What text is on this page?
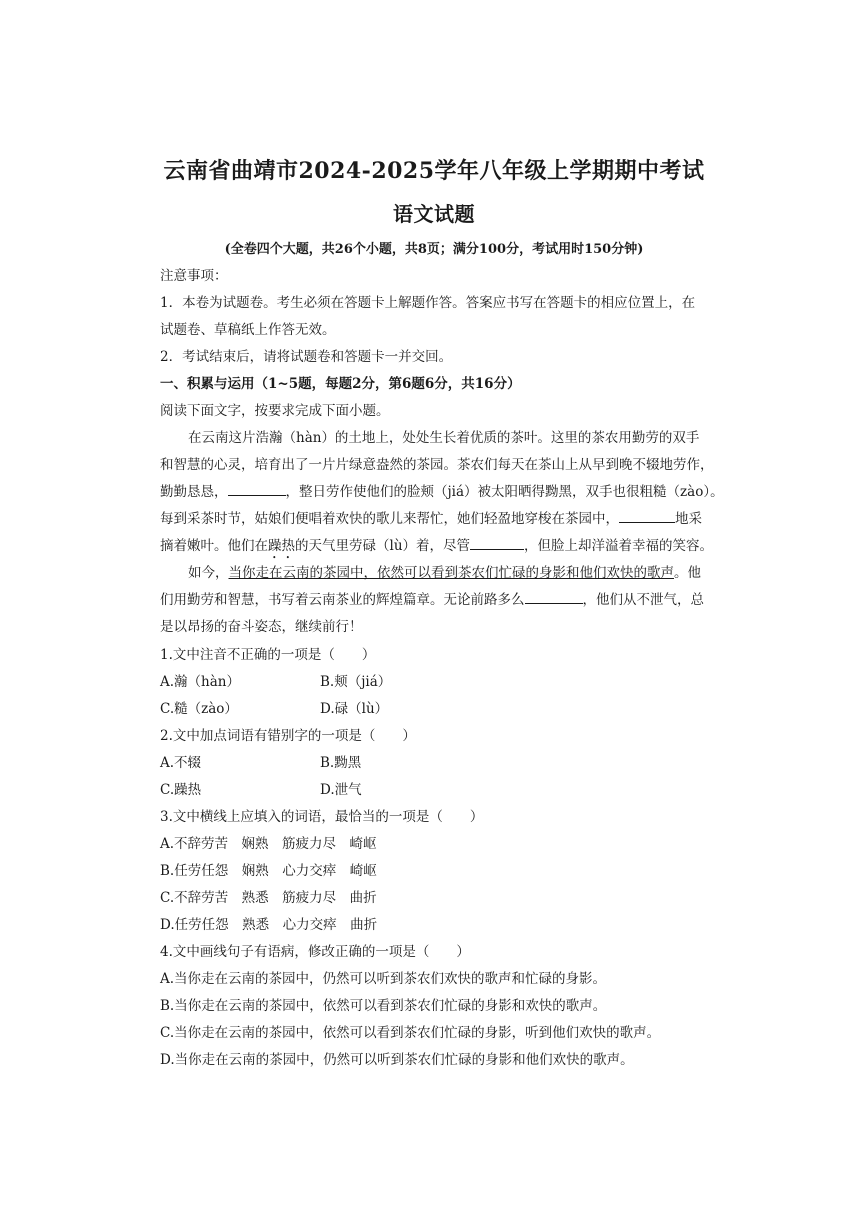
云南省曲靖市2024-2025学年八年级上学期期中考试
语文试题
(全卷四个大题，共26个小题，共8页；满分100分，考试用时150分钟)
注意事项：
1．本卷为试题卷。考生必须在答题卡上解题作答。答案应书写在答题卡的相应位置上，在
试题卷、草稿纸上作答无效。
2．考试结束后，请将试题卷和答题卡一并交回。
一、积累与运用（1~5题，每题2分，第6题6分，共16分）
阅读下面文字，按要求完成下面小题。
在云南这片浩瀚（hàn）的土地上，处处生长着优质的茶叶。这里的茶农用勤劳的双手
和智慧的心灵，培育出了一片片绿意盎然的茶园。茶农们每天在茶山上从早到晚不辍地劳作，
勤勤恳恳，	，整日劳作使他们的脸颊（jiá）被太阳晒得黝黑，双手也很粗糙（zào）。
每到采茶时节，姑娘们便唱着欢快的歌儿来帮忙，她们轻盈地穿梭在茶园中，	地采
摘着嫩叶。他们在躁热的天气里劳碌（lù）着，尽管	，但脸上却洋溢着幸福的笑容。
如今，当你走在云南的茶园中，依然可以看到茶农们忙碌的身影和他们欢快的歌声。他
们用勤劳和智慧，书写着云南茶业的辉煌篇章。无论前路多么	，他们从不泄气，总
是以昂扬的奋斗姿态，继续前行！
1.文中注音不正确的一项是（　　）
A.瀚（hàn）	B.颊（jiá）
C.糙（zào）	D.碌（lù）
2.文中加点词语有错别字的一项是（　　）
A.不辍	B.黝黑
C.躁热	D.泄气
3.文中横线上应填入的词语，最恰当的一项是（　　）
A.不辞劳苦　娴熟　筋疲力尽　崎岖
B.任劳任怨　娴熟　心力交瘁　崎岖
C.不辞劳苦　熟悉　筋疲力尽　曲折
D.任劳任怨　熟悉　心力交瘁　曲折
4.文中画线句子有语病，修改正确的一项是（　　）
A.当你走在云南的茶园中，仍然可以听到茶农们欢快的歌声和忙碌的身影。
B.当你走在云南的茶园中，依然可以看到茶农们忙碌的身影和欢快的歌声。
C.当你走在云南的茶园中，依然可以看到茶农们忙碌的身影，听到他们欢快的歌声。
D.当你走在云南的茶园中，仍然可以听到茶农们忙碌的身影和他们欢快的歌声。
